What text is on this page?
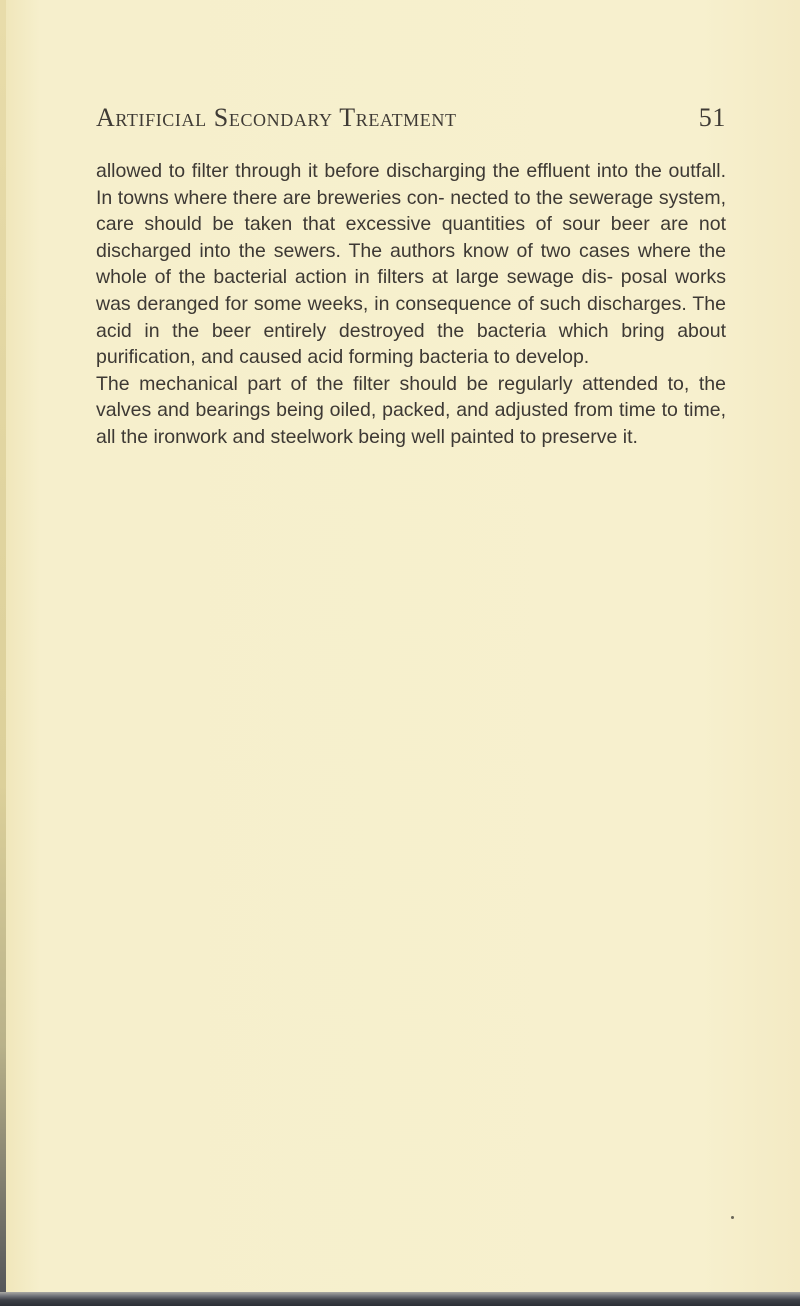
Artificial Secondary Treatment	51

allowed to filter through it before discharging the effluent into the outfall. In towns where there are breweries con- nected to the sewerage system, care should be taken that excessive quantities of sour beer are not discharged into the sewers. The authors know of two cases where the whole of the bacterial action in filters at large sewage dis- posal works was deranged for some weeks, in consequence of such discharges. The acid in the beer entirely destroyed the bacteria which bring about purification, and caused acid forming bacteria to develop.

The mechanical part of the filter should be regularly attended to, the valves and bearings being oiled, packed, and adjusted from time to time, all the ironwork and steelwork being well painted to preserve it.
